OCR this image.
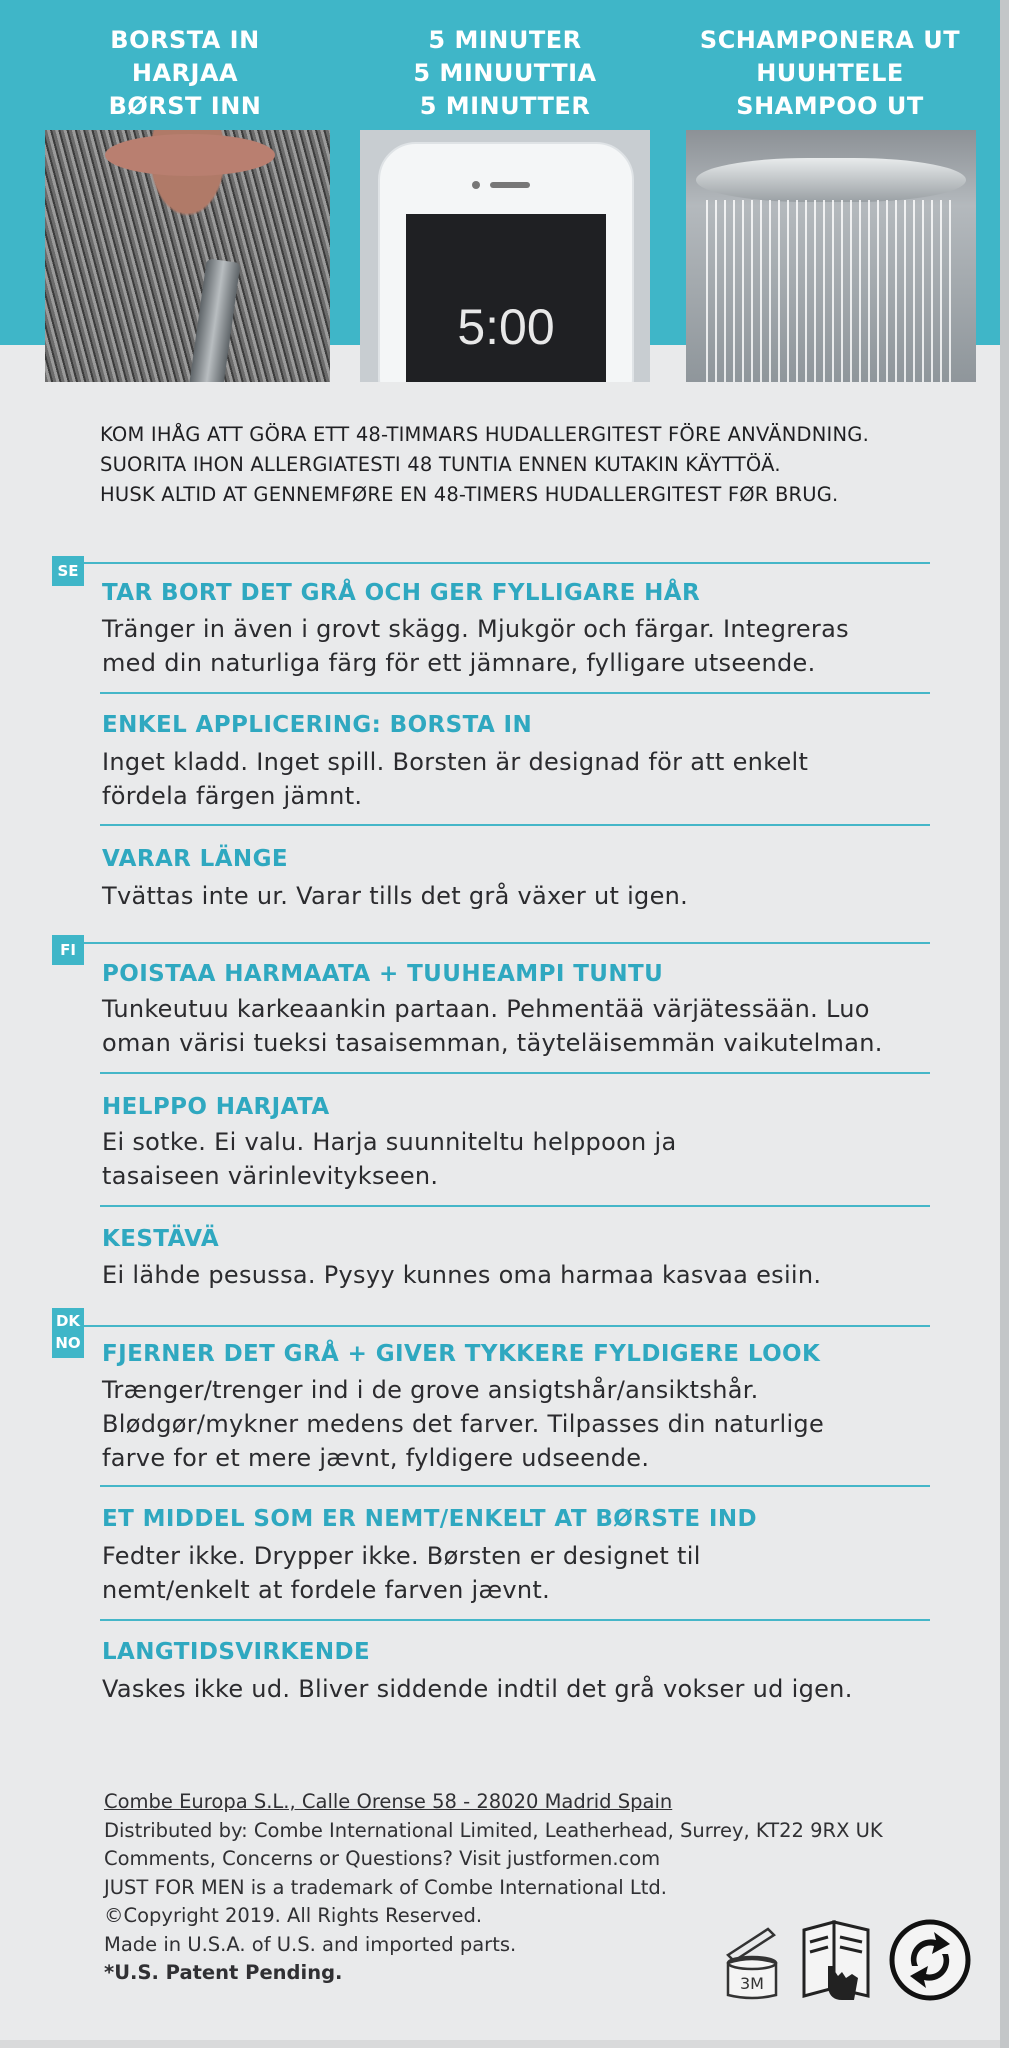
BORSTA IN
HARJAA
BØRST INN
5 MINUTER
5 MINUUTTIA
5 MINUTTER
SCHAMPONERA UT
HUUHTELE
SHAMPOO UT
5:00
KOM IHÅG ATT GÖRA ETT 48-TIMMARS HUDALLERGITEST FÖRE ANVÄNDNING.
SUORITA IHON ALLERGIATESTI 48 TUNTIA ENNEN KUTAKIN KÄYTTÖÄ.
HUSK ALTID AT GENNEMFØRE EN 48-TIMERS HUDALLERGITEST FØR BRUG.
SE
TAR BORT DET GRÅ OCH GER FYLLIGARE HÅR
Tränger in även i grovt skägg. Mjukgör och färgar. Integreras
med din naturliga färg för ett jämnare, fylligare utseende.
ENKEL APPLICERING: BORSTA IN
Inget kladd. Inget spill. Borsten är designad för att enkelt
fördela färgen jämnt.
VARAR LÄNGE
Tvättas inte ur. Varar tills det grå växer ut igen.
FI
POISTAA HARMAATA + TUUHEAMPI TUNTU
Tunkeutuu karkeaankin partaan. Pehmentää värjätessään. Luo
oman värisi tueksi tasaisemman, täyteläisemmän vaikutelman.
HELPPO HARJATA
Ei sotke. Ei valu. Harja suunniteltu helppoon ja
tasaiseen värinlevitykseen.
KESTÄVÄ
Ei lähde pesussa. Pysyy kunnes oma harmaa kasvaa esiin.
DK
NO FJERNER DET GRÅ + GIVER TYKKERE FYLDIGERE LOOK
Trænger/trenger ind i de grove ansigtshår/ansiktshår.
Blødgør/mykner medens det farver. Tilpasses din naturlige
farve for et mere jævnt, fyldigere udseende.
ET MIDDEL SOM ER NEMT/ENKELT AT BØRSTE IND
Fedter ikke. Drypper ikke. Børsten er designet til
nemt/enkelt at fordele farven jævnt.
LANGTIDSVIRKENDE
Vaskes ikke ud. Bliver siddende indtil det grå vokser ud igen.
Combe Europa S.L., Calle Orense 58 - 28020 Madrid Spain
Distributed by: Combe International Limited, Leatherhead, Surrey, KT22 9RX UK
Comments, Concerns or Questions? Visit justformen.com
JUST FOR MEN is a trademark of Combe International Ltd.
©Copyright 2019. All Rights Reserved.
Made in U.S.A. of U.S. and imported parts.
*U.S. Patent Pending.	3M
